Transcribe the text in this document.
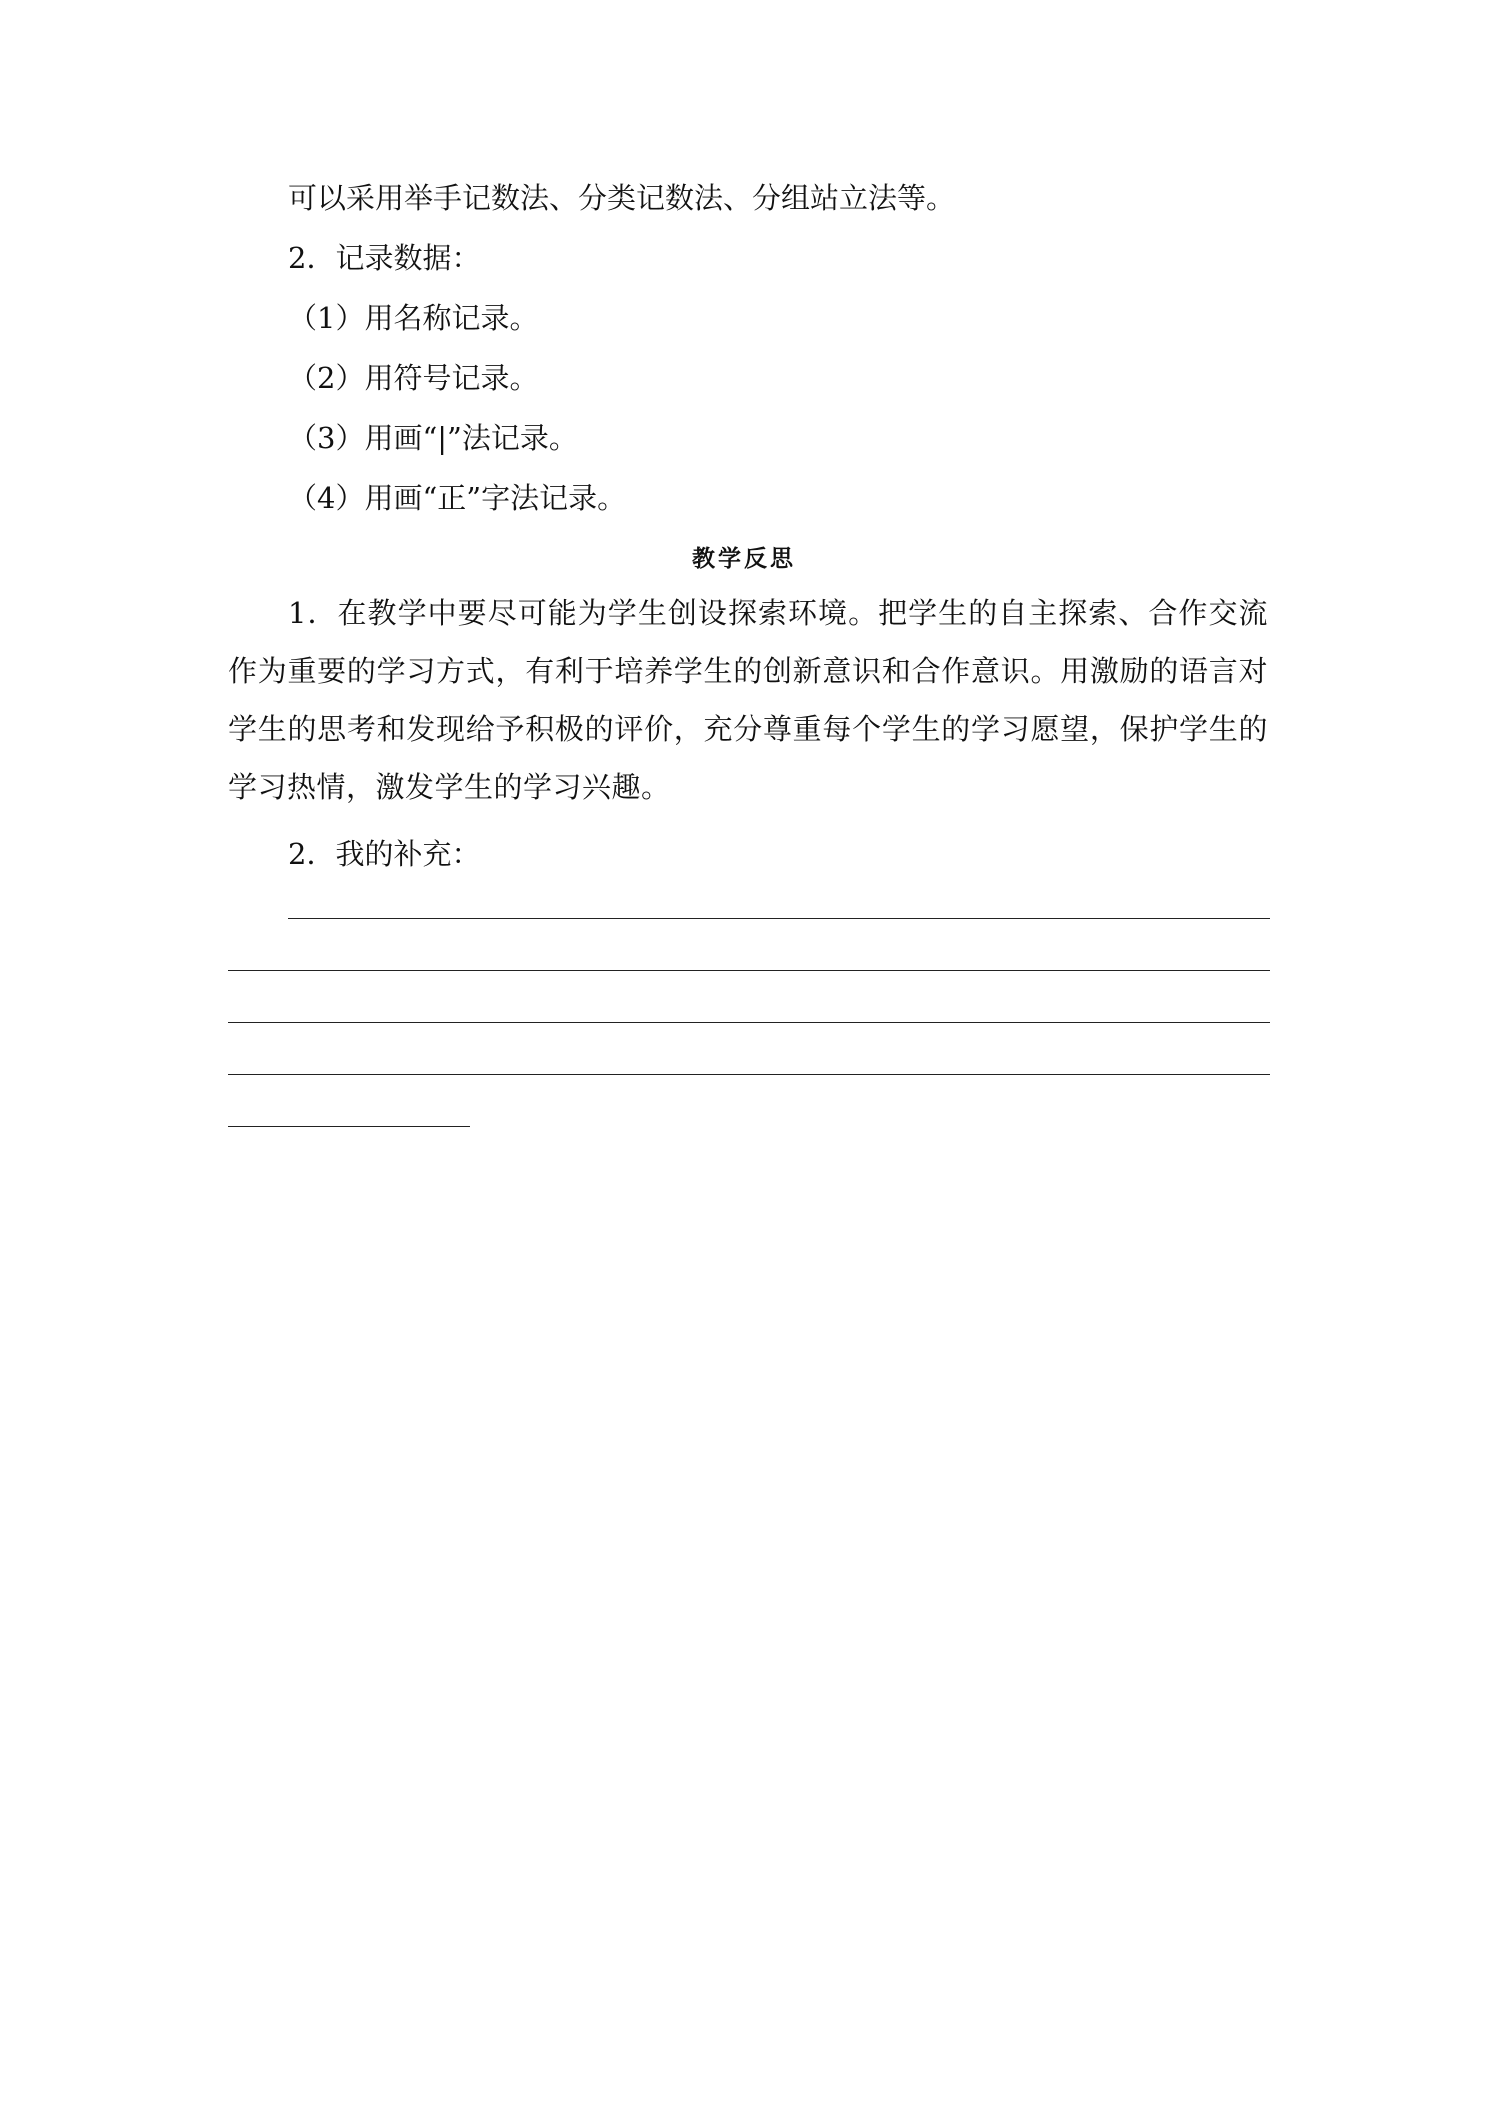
可以采用举手记数法、分类记数法、分组站立法等。
2．记录数据：
（1）用名称记录。
（2）用符号记录。
（3）用画“|”法记录。
（4）用画“正”字法记录。
教学反思
1．在教学中要尽可能为学生创设探索环境。把学生的自主探索、合作交流作为重要的学习方式，有利于培养学生的创新意识和合作意识。用激励的语言对学生的思考和发现给予积极的评价，充分尊重每个学生的学习愿望，保护学生的学习热情，激发学生的学习兴趣。
2．我的补充：
